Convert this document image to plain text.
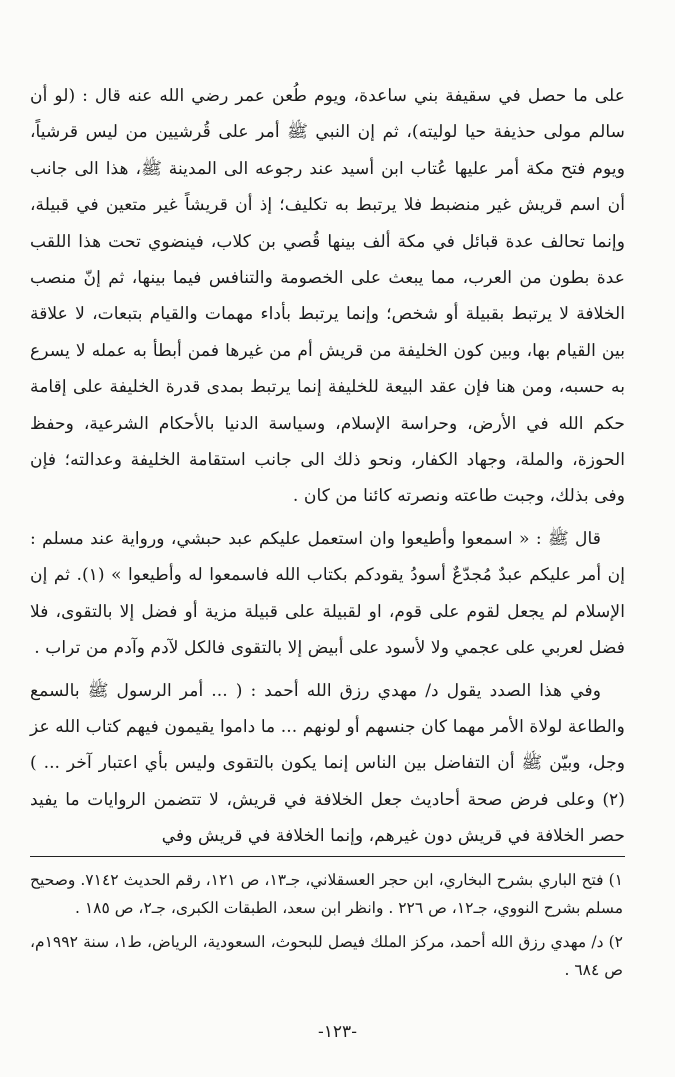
على ما حصل في سقيفة بني ساعدة، ويوم طُعن عمر رضي الله عنه قال : (لو أن سالم مولى حذيفة حيا لوليته)، ثم إن النبي ﷺ أمر على قُرشيين من ليس قرشياً، ويوم فتح مكة أمر عليها عُتاب ابن أسيد عند رجوعه الى المدينة ﷺ، هذا الى جانب أن اسم قريش غير منضبط فلا يرتبط به تكليف؛ إذ أن قريشاً غير متعين في قبيلة، وإنما تحالف عدة قبائل في مكة ألف بينها قُصي بن كلاب، فينضوي تحت هذا اللقب عدة بطون من العرب، مما يبعث على الخصومة والتنافس فيما بينها، ثم إنّ منصب الخلافة لا يرتبط بقبيلة أو شخص؛ وإنما يرتبط بأداء مهمات والقيام بتبعات، لا علاقة بين القيام بها، وبين كون الخليفة من قريش أم من غيرها فمن أبطأ به عمله لا يسرع به حسبه، ومن هنا فإن عقد البيعة للخليفة إنما يرتبط بمدى قدرة الخليفة على إقامة حكم الله في الأرض، وحراسة الإسلام، وسياسة الدنيا بالأحكام الشرعية، وحفظ الحوزة، والملة، وجهاد الكفار، ونحو ذلك الى جانب استقامة الخليفة وعدالته؛ فإن وفى بذلك، وجبت طاعته ونصرته كائنا من كان .

قال ﷺ : « اسمعوا وأطيعوا وان استعمل عليكم عبد حبشي، ورواية عند مسلم : إن أمر عليكم عبدٌ مُجدّعٌ أسودُ يقودكم بكتاب الله فاسمعوا له وأطيعوا » (١). ثم إن الإسلام لم يجعل لقوم على قوم، او لقبيلة على قبيلة مزية أو فضل إلا بالتقوى، فلا فضل لعربي على عجمي ولا لأسود على أبيض إلا بالتقوى فالكل لآدم وآدم من تراب .

وفي هذا الصدد يقول د/ مهدي رزق الله أحمد : ( ... أمر الرسول ﷺ بالسمع والطاعة لولاة الأمر مهما كان جنسهم أو لونهم ... ما داموا يقيمون فيهم كتاب الله عز وجل، وبيّن ﷺ أن التفاضل بين الناس إنما يكون بالتقوى وليس بأي اعتبار آخر ... ) (٢) وعلى فرض صحة أحاديث جعل الخلافة في قريش، لا تتضمن الروايات ما يفيد حصر الخلافة في قريش دون غيرهم، وإنما الخلافة في قريش وفي

١) فتح الباري بشرح البخاري، ابن حجر العسقلاني، جـ١٣، ص ١٢١، رقم الحديث ٧١٤٢. وصحيح مسلم بشرح النووي، جـ١٢، ص ٢٢٦ . وانظر ابن سعد، الطبقات الكبرى، جـ٢، ص ١٨٥ .

٢) د/ مهدي رزق الله أحمد، مركز الملك فيصل للبحوث، السعودية، الرياض، ط١، سنة ١٩٩٢م، ص ٦٨٤ .

-١٢٣-
